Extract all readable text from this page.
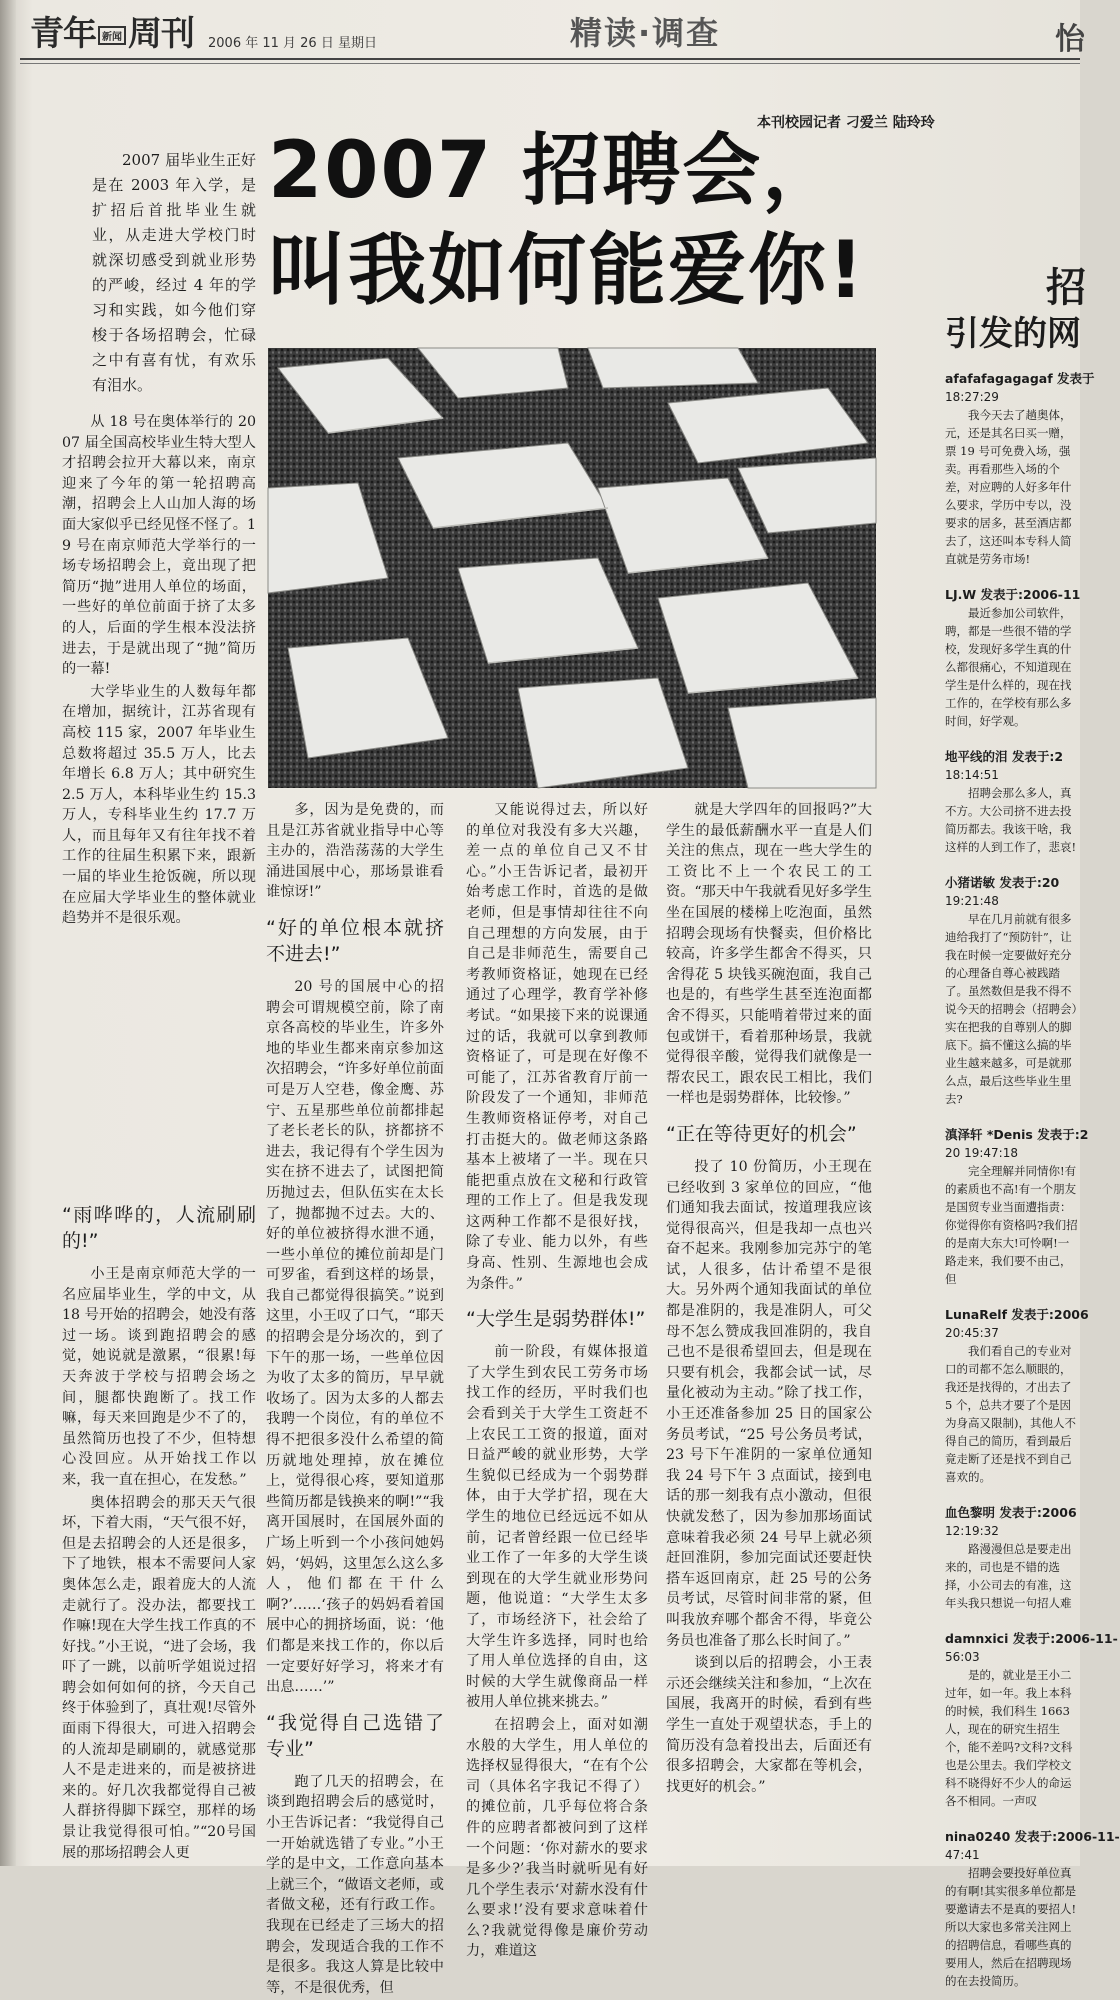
青年 新闻 周刊 2006 年 11 月 26 日 星期日	精读·调查	怡
2007 招聘会，
叫我如何能爱你!
本刊校园记者 刁爱兰 陆玲玲
招
引发的网

2007 届毕业生正好是在 2003 年入学，是扩招后首批毕业生就业，从走进大学校门时就深切感受到就业形势的严峻，经过 4 年的学习和实践，如今他们穿梭于各场招聘会，忙碌之中有喜有忧，有欢乐有泪水。

从 18 号在奥体举行的 2007 届全国高校毕业生特大型人才招聘会拉开大幕以来，南京迎来了今年的第一轮招聘高潮，招聘会上人山加人海的场面大家似乎已经见怪不怪了。19 号在南京师范大学举行的一场专场招聘会上，竟出现了把简历“抛”进用人单位的场面，一些好的单位前面于挤了太多的人，后面的学生根本没法挤进去，于是就出现了“抛”简历的一幕!

大学毕业生的人数每年都在增加，据统计，江苏省现有高校 115 家，2007 年毕业生总数将超过 35.5 万人，比去年增长 6.8 万人；其中研究生 2.5 万人，本科毕业生约 15.3 万人，专科毕业生约 17.7 万人，而且每年又有往年找不着工作的往届生积累下来，跟新一届的毕业生抢饭碗，所以现在应届大学毕业生的整体就业趋势并不是很乐观。

“雨哗哗的，人流刷刷的!”

小王是南京师范大学的一名应届毕业生，学的中文，从 18 号开始的招聘会，她没有落过一场。谈到跑招聘会的感觉，她说就是激累，“很累!每天奔波于学校与招聘会场之间，腿都快跑断了。找工作嘛，每天来回跑是少不了的，虽然简历也投了不少，但特想心没回应。从开始找工作以来，我一直在担心，在发愁。”

奥体招聘会的那天天气很坏，下着大雨，“天气很不好，但是去招聘会的人还是很多，下了地铁，根本不需要问人家奥体怎么走，跟着庞大的人流走就行了。没办法，都要找工作嘛!现在大学生找工作真的不好找。”小王说，“进了会场，我吓了一跳，以前听学姐说过招聘会如何如何的挤，今天自己终于体验到了，真壮观!尽管外面雨下得很大，可进入招聘会的人流却是刷刷的，就感觉那人不是走进来的，而是被挤进来的。好几次我都觉得自己被人群挤得脚下踩空，那样的场景让我觉得很可怕。”“20号国展的那场招聘会人更

多，因为是免费的，而且是江苏省就业指导中心等主办的，浩浩荡荡的大学生涌进国展中心，那场景谁看谁惊讶!”

“好的单位根本就挤不进去!”

20 号的国展中心的招聘会可谓规模空前，除了南京各高校的毕业生，许多外地的毕业生都来南京参加这次招聘会，“许多好单位前面可是万人空巷，像金鹰、苏宁、五星那些单位前都排起了老长老长的队，挤都挤不进去，我记得有个学生因为实在挤不进去了，试图把简历抛过去，但队伍实在太长了，抛都抛不过去。大的、好的单位被挤得水泄不通，一些小单位的摊位前却是门可罗雀，看到这样的场景，我自己都觉得很搞笑。”说到这里，小王叹了口气，“耶天的招聘会是分场次的，到了下午的那一场，一些单位因为收了太多的简历，早早就收场了。因为太多的人都去我聘一个岗位，有的单位不得不把很多没什么希望的简历就地处理掉，放在摊位上，觉得很心疼，要知道那些简历都是钱换来的啊!”“我离开国展时，在国展外面的广场上听到一个小孩问她妈妈，‘妈妈，这里怎么这么多人，他们都在干什么啊?’……‘孩子的妈妈看着国展中心的拥挤场面，说：‘他们都是来找工作的，你以后一定要好好学习，将来才有出息……’”

“我觉得自己选错了专业”

跑了几天的招聘会，在谈到跑招聘会后的感觉时，小王告诉记者：“我觉得自己一开始就选错了专业。”小王学的是中文，工作意向基本上就三个，“做语文老师，或者做文秘，还有行政工作。我现在已经走了三场大的招聘会，发现适合我的工作不是很多。我这人算是比较中等，不是很优秀，但

又能说得过去，所以好的单位对我没有多大兴趣，差一点的单位自己又不甘心。”小王告诉记者，最初开始考虑工作时，首选的是做老师，但是事情却往往不向自己理想的方向发展，由于自己是非师范生，需要自己考教师资格证，她现在已经通过了心理学，教育学补修考试。“如果接下来的说课通过的话，我就可以拿到教师资格证了，可是现在好像不可能了，江苏省教育厅前一阶段发了一个通知，非师范生教师资格证停考，对自己打击挺大的。做老师这条路基本上被堵了一半。现在只能把重点放在文秘和行政管理的工作上了。但是我发现这两种工作都不是很好找，除了专业、能力以外，有些身高、性别、生源地也会成为条件。”

“大学生是弱势群体!”

前一阶段，有媒体报道了大学生到农民工劳务市场找工作的经历，平时我们也会看到关于大学生工资赶不上农民工工资的报道，面对日益严峻的就业形势，大学生貌似已经成为一个弱势群体，由于大学扩招，现在大学生的地位已经远远不如从前，记者曾经跟一位已经毕业工作了一年多的大学生谈到现在的大学生就业形势问题，他说道：“大学生太多了，市场经济下，社会给了大学生许多选择，同时也给了用人单位选择的自由，这时候的大学生就像商品一样被用人单位挑来挑去。”

在招聘会上，面对如潮水般的大学生，用人单位的选择权显得很大，“在有个公司（具体名字我记不得了）的摊位前，几乎每位将合条件的应聘者都被问到了这样一个问题：‘你对薪水的要求是多少?’我当时就听见有好几个学生表示‘对薪水没有什么要求!’没有要求意味着什么?我就觉得像是廉价劳动力，难道这

就是大学四年的回报吗?”大学生的最低薪酬水平一直是人们关注的焦点，现在一些大学生的工资比不上一个农民工的工资。“那天中午我就看见好多学生坐在国展的楼梯上吃泡面，虽然招聘会现场有快餐卖，但价格比较高，许多学生都舍不得买，只舍得花 5 块钱买碗泡面，我自己也是的，有些学生甚至连泡面都舍不得买，只能啃着带过来的面包或饼干，看着那种场景，我就觉得很辛酸，觉得我们就像是一帮农民工，跟农民工相比，我们一样也是弱势群体，比较惨。”

“正在等待更好的机会”

投了 10 份简历，小王现在已经收到 3 家单位的回应，“他们通知我去面试，按道理我应该觉得很高兴，但是我却一点也兴奋不起来。我刚参加完苏宁的笔试，人很多，估计希望不是很大。另外两个通知我面试的单位都是准阴的，我是准阴人，可父母不怎么赞成我回准阴的，我自己也不是很希望回去，但是现在只要有机会，我都会试一试，尽量化被动为主动。”除了找工作，小王还准备参加 25 日的国家公务员考试，“25 号公务员考试，23 号下午准阴的一家单位通知我 24 号下午 3 点面试，接到电话的那一刻我有点小激动，但很快就发愁了，因为参加那场面试意味着我必须 24 号早上就必须赶回淮阴，参加完面试还要赶快搭车返回南京，赶 25 号的公务员考试，尽管时间非常的紧，但叫我放弃哪个都舍不得，毕竟公务员也准备了那么长时间了。”

谈到以后的招聘会，小王表示还会继续关注和参加，“上次在国展，我离开的时候，看到有些学生一直处于观望状态，手上的简历没有急着投出去，后面还有很多招聘会，大家都在等机会，找更好的机会。”

afafafagagagaf 发表于
18:27:29
我今天去了趟奥体，元，还是其名曰买一赠，票 19 号可免费入场，强卖。再看那些入场的个差，对应聘的人好多年什么要求，学历中专以，没要求的居多，甚至酒店都去了，这还叫本专科人简直就是劳务市场!
LJ.W 发表于:2006-11
最近参加公司软件，聘，都是一些很不错的学校，发现好多学生真的什么都很痛心，不知道现在学生是什么样的，现在找工作的，在学校有那么多时间，好学观。
地平线的泪 发表于:2
18:14:51
招聘会那么多人，真不方。大公司挤不进去投简历都去。我该干啥，我这样的人到工作了，悲哀!
小猪诺敏 发表于:20
19:21:48
早在几月前就有很多迪给我打了“预防针”，让我在时候一定要做好充分的心理备自尊心被践踏了。虽然数但是我不得不说今天的招聘会（招聘会）实在把我的自尊别人的脚底下。搞不懂这么搞的毕业生越来越多，可是就那么点，最后这些毕业生里去?
滇泽轩 *Denis 发表于:2
20 19:47:18
完全理解并同情你!有的素质也不高!有一个朋友是国贸专业当面遭指责：你觉得你有资格吗?我们招的是南大东大!可怜啊!一路走来，我们要不由己，但
LunaRelf 发表于:2006
20:45:37
我们看自己的专业对口的司都不怎么顺眼的，我还是找得的，才出去了 5 个，总共才要了个是因为身高又限制)，其他人不得自己的简历，看到最后竟走断了还是找不到自己喜欢的。
血色黎明 发表于:2006
12:19:32
路漫漫但总是要走出来的，司也是不错的选择，小公司去的有准，这年头我只想说一句招人难
damnxici 发表于:2006-11-
56:03
是的，就业是王小二过年，如一年。我上本科的时候，我们科生 1663 人，现在的研究生招生个，能不差吗?文科?文科也是公里去。我们学校文科不晓得好不少人的命运各不相同。一声叹
nina0240 发表于:2006-11-
47:41
招聘会要投好单位真的有啊!其实很多单位都是要邀请去不是真的要招人!所以大家也多常关注网上的招聘信息，看哪些真的要用人，然后在招聘现场的在去投简历。
